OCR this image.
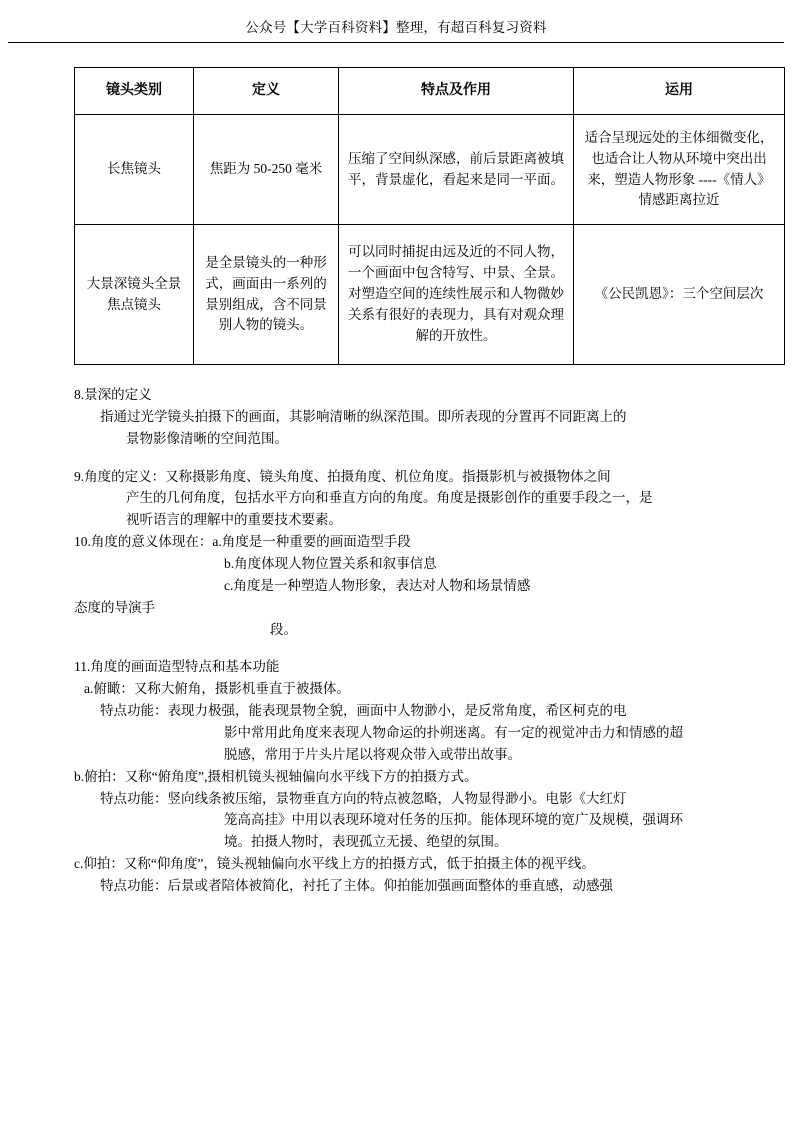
公众号【大学百科资料】整理，有超百科复习资料
镜头类别	定义	特点及作用	运用
长焦镜头	焦距为 50-250 毫米	压缩了空间纵深感，前后景距离被填平，背景虚化，看起来是同一平面。	适合呈现远处的主体细微变化，也适合让人物从环境中突出出来，塑造人物形象 ----《情人》情感距离拉近
大景深镜头全景焦点镜头	是全景镜头的一种形式，画面由一系列的景别组成，含不同景别人物的镜头。	可以同时捕捉由远及近的不同人物，一个画面中包含特写、中景、全景。对塑造空间的连续性展示和人物微妙关系有很好的表现力，具有对观众理解的开放性。	《公民凯恩》：三个空间层次

8.景深的定义

指通过光学镜头拍摄下的画面，其影响清晰的纵深范围。即所表现的分置再不同距离上的

景物影像清晰的空间范围。

9.角度的定义：又称摄影角度、镜头角度、拍摄角度、机位角度。指摄影机与被摄物体之间

产生的几何角度，包括水平方向和垂直方向的角度。角度是摄影创作的重要手段之一，是

视听语言的理解中的重要技术要素。

10.角度的意义体现在：a.角度是一种重要的画面造型手段

b.角度体现人物位置关系和叙事信息

c.角度是一种塑造人物形象，表达对人物和场景情感

态度的导演手

段。

11.角度的画面造型特点和基本功能

a.俯瞰：又称大俯角，摄影机垂直于被摄体。

特点功能：表现力极强，能表现景物全貌，画面中人物渺小，是反常角度，希区柯克的电

影中常用此角度来表现人物命运的扑朔迷离。有一定的视觉冲击力和情感的超

脱感，常用于片头片尾以将观众带入或带出故事。

b.俯拍：又称“俯角度”,摄相机镜头视轴偏向水平线下方的拍摄方式。

特点功能：竖向线条被压缩，景物垂直方向的特点被忽略，人物显得渺小。电影《大红灯

笼高高挂》中用以表现环境对任务的压抑。能体现环境的宽广及规模，强调环

境。拍摄人物时，表现孤立无援、绝望的氛围。

c.仰拍：又称“仰角度”，镜头视轴偏向水平线上方的拍摄方式，低于拍摄主体的视平线。

特点功能：后景或者陪体被简化，衬托了主体。仰拍能加强画面整体的垂直感，动感强
